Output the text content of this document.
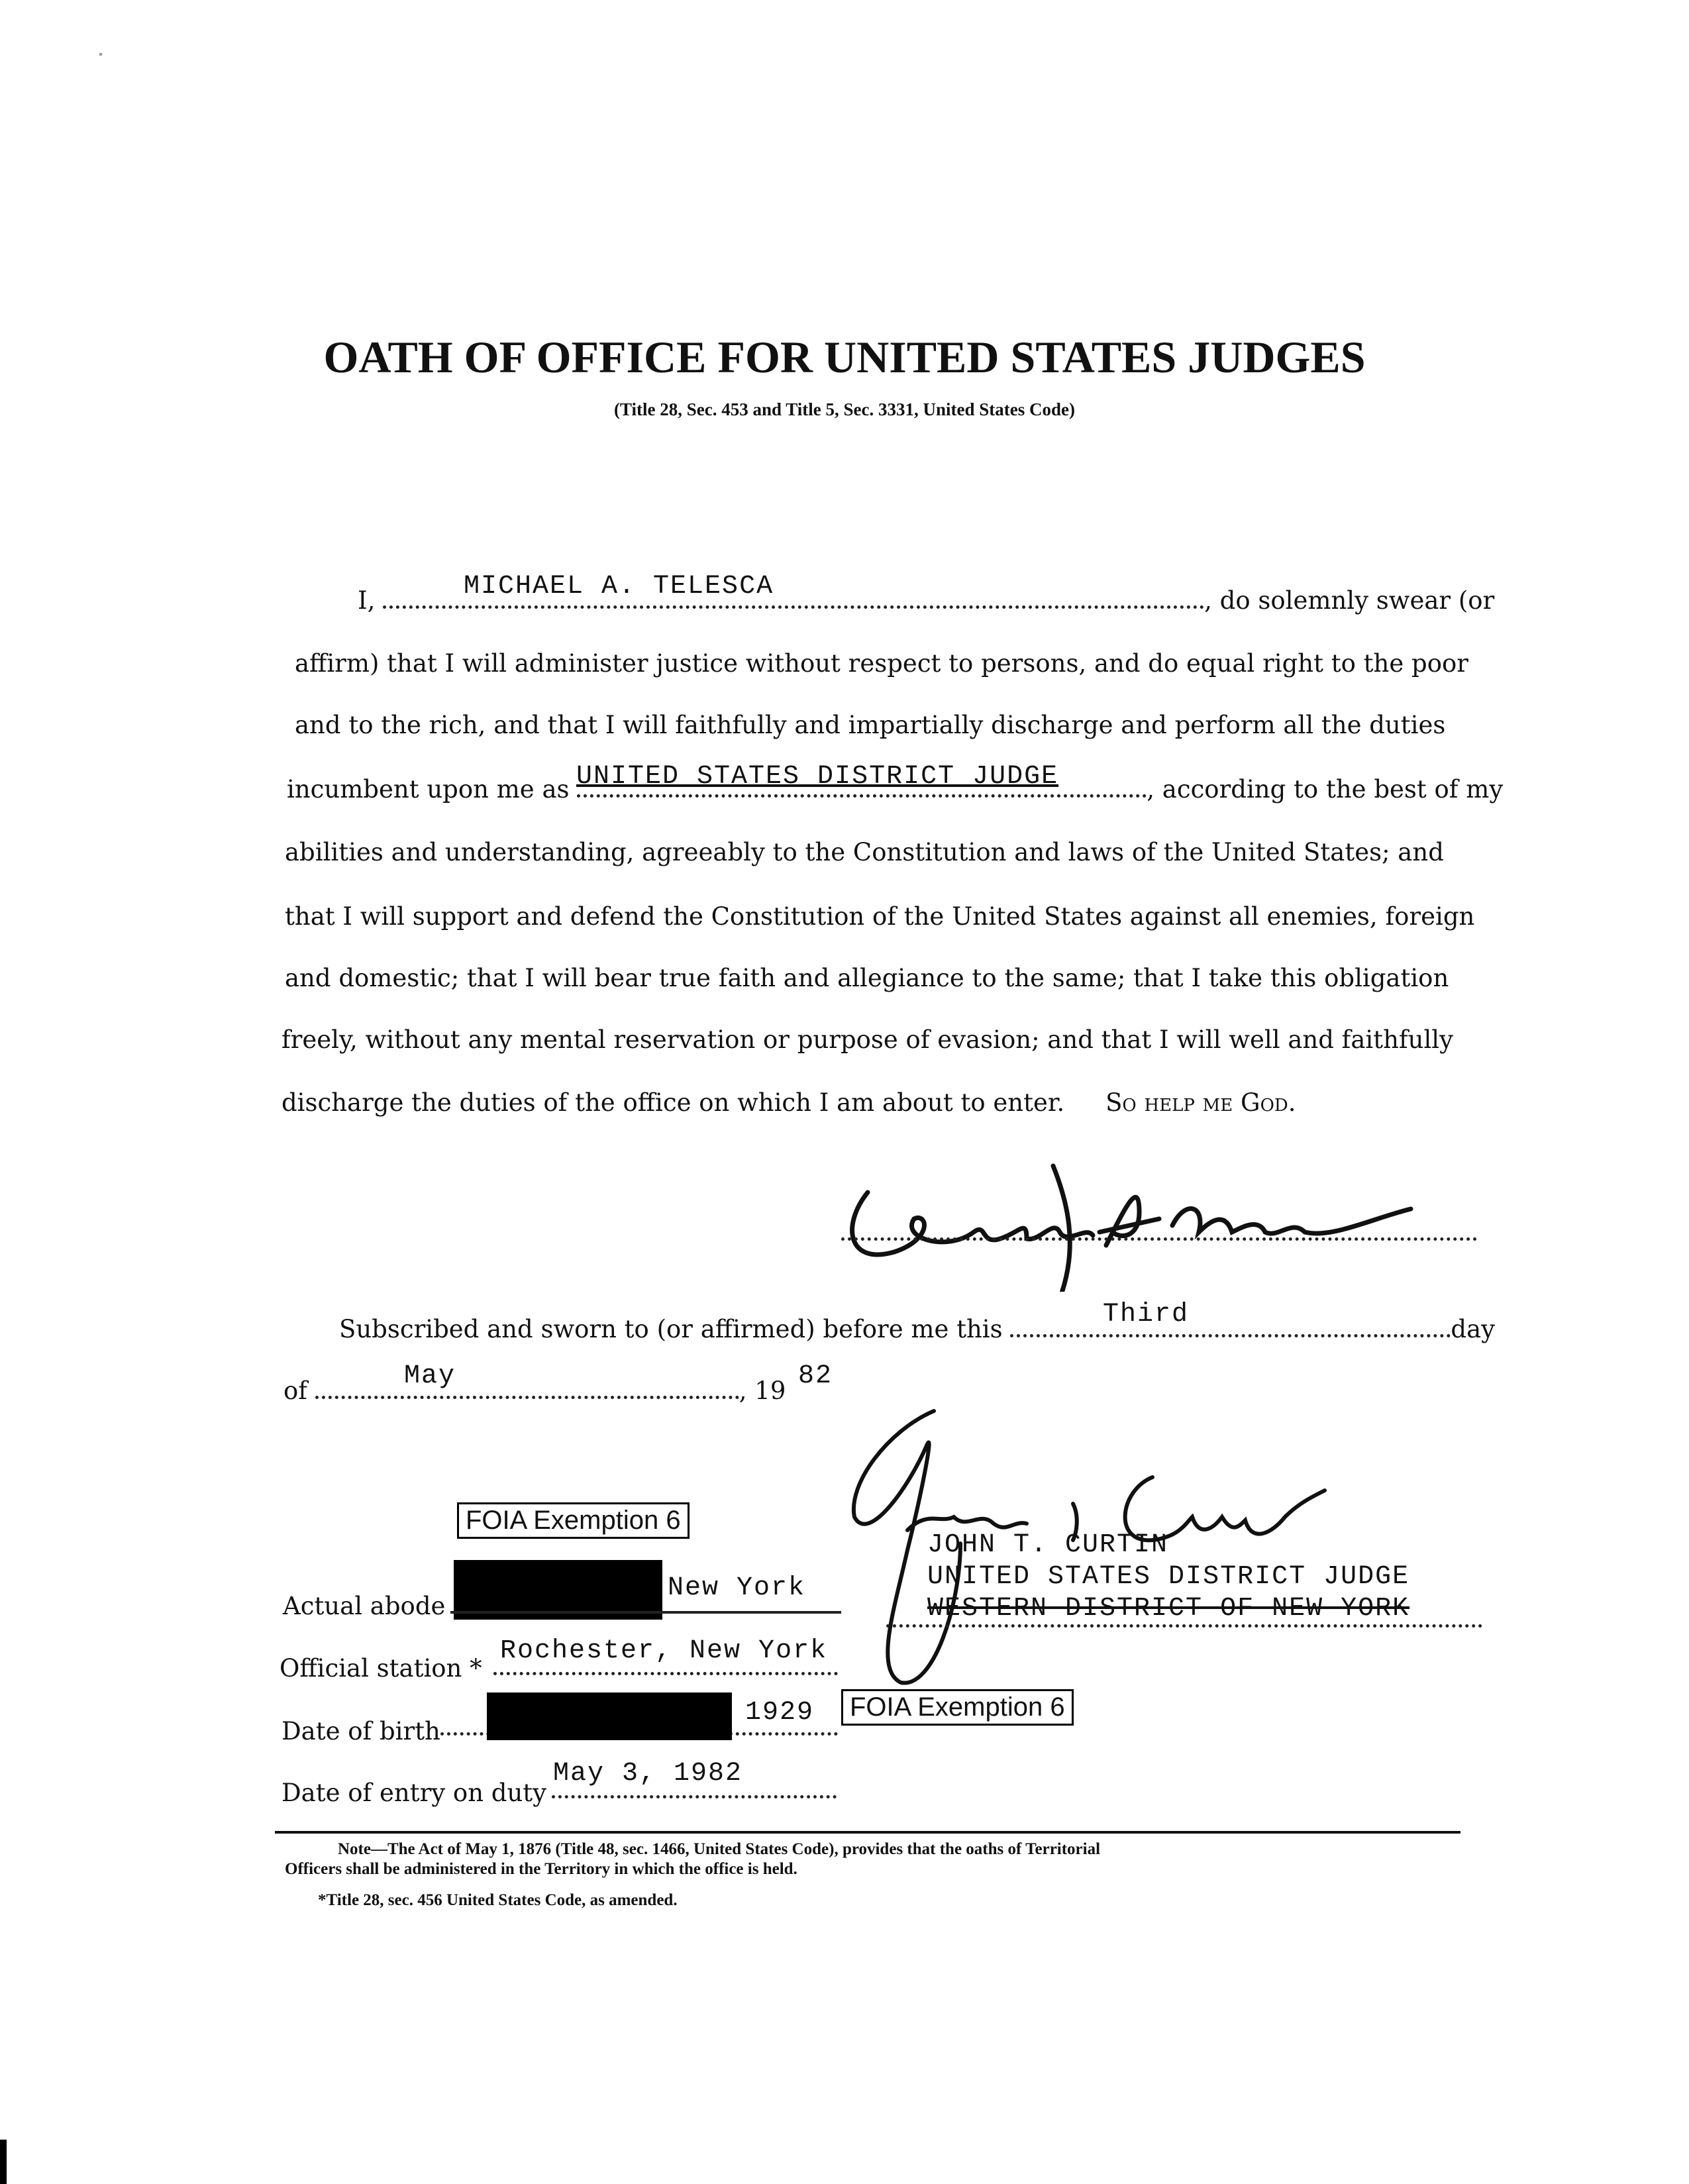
OATH OF OFFICE FOR UNITED STATES JUDGES
(Title 28, Sec. 453 and Title 5, Sec. 3331, United States Code)
I,	, do solemnly swear (or
MICHAEL A. TELESCA
affirm) that I will administer justice without respect to persons, and do equal right to the poor
and to the rich, and that I will faithfully and impartially discharge and perform all the duties
incumbent upon me as	, according to the best of my
UNITED STATES DISTRICT JUDGE
abilities and understanding, agreeably to the Constitution and laws of the United States; and
that I will support and defend the Constitution of the United States against all enemies, foreign
and domestic; that I will bear true faith and allegiance to the same; that I take this obligation
freely, without any mental reservation or purpose of evasion; and that I will well and faithfully
discharge the duties of the office on which I am about to enter. So help me God.
Subscribed and sworn to (or affirmed) before me this	day
Third
of	, 19
May	82
JOHN T. CURTIN
UNITED STATES DISTRICT JUDGE
WESTERN DISTRICT OF NEW YORK
FOIA Exemption 6
Actual abode
New York
Official station *
Rochester, New York
Date of birth
1929	FOIA Exemption 6
Date of entry on duty
May 3, 1982
Note—The Act of May 1, 1876 (Title 48, sec. 1466, United States Code), provides that the oaths of Territorial
Officers shall be administered in the Territory in which the office is held.
*Title 28, sec. 456 United States Code, as amended.
